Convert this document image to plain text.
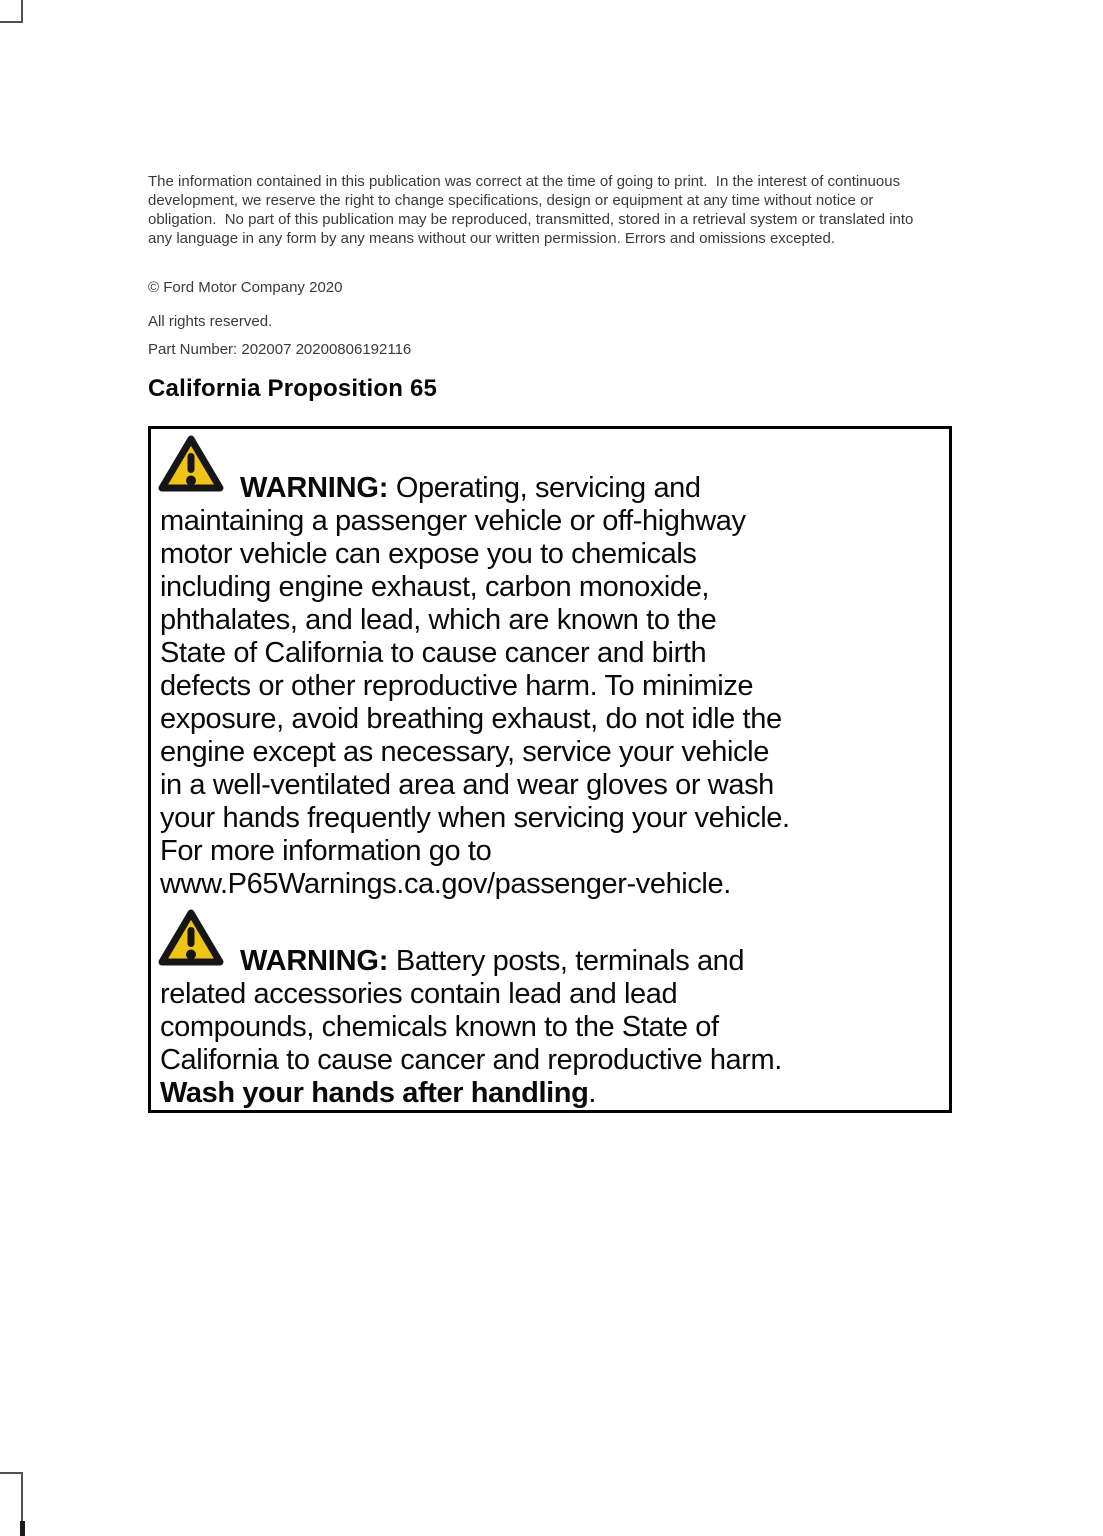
The information contained in this publication was correct at the time of going to print.  In the interest of continuous development, we reserve the right to change specifications, design or equipment at any time without notice or obligation.  No part of this publication may be reproduced, transmitted, stored in a retrieval system or translated into any language in any form by any means without our written permission. Errors and omissions excepted.

© Ford Motor Company 2020

All rights reserved.

Part Number: 202007 20200806192116

California Proposition 65
WARNING: Operating, servicing and
maintaining a passenger vehicle or off-highway
motor vehicle can expose you to chemicals
including engine exhaust, carbon monoxide,
phthalates, and lead, which are known to the
State of California to cause cancer and birth
defects or other reproductive harm. To minimize
exposure, avoid breathing exhaust, do not idle the
engine except as necessary, service your vehicle
in a well-ventilated area and wear gloves or wash
your hands frequently when servicing your vehicle.
For more information go to
www.P65Warnings.ca.gov/passenger-vehicle.
WARNING: Battery posts, terminals and
related accessories contain lead and lead
compounds, chemicals known to the State of
California to cause cancer and reproductive harm.
Wash your hands after handling.
